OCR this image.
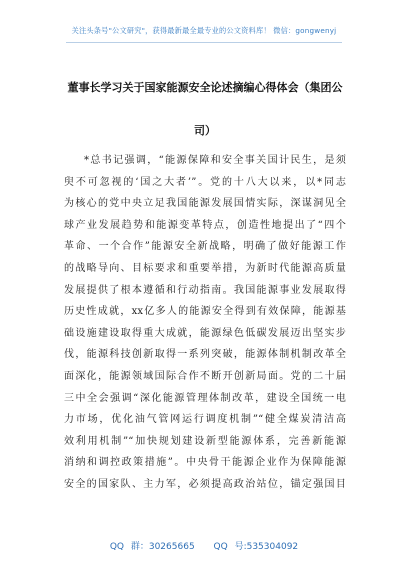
关注头条号"公文研究"，获得最新最全最专业的公文资料库！ 微信：gongwenyj
董事长学习关于国家能源安全论述摘编心得体会（集团公
司）
*总书记强调，“能源保障和安全事关国计民生，是须
臾不可忽视的‘国之大者’”。党的十八大以来，以*同志
为核心的党中央立足我国能源发展国情实际，深谋洞见全
球产业发展趋势和能源变革特点，创造性地提出了“四个
革命、一个合作”能源安全新战略，明确了做好能源工作
的战略导向、目标要求和重要举措，为新时代能源高质量
发展提供了根本遵循和行动指南。我国能源事业发展取得
历史性成就，xx亿多人的能源安全得到有效保障，能源基
础设施建设取得重大成就，能源绿色低碳发展迈出坚实步
伐，能源科技创新取得一系列突破，能源体制机制改革全
面深化，能源领域国际合作不断开创新局面。党的二十届
三中全会强调“深化能源管理体制改革，建设全国统一电
力市场，优化油气管网运行调度机制”“健全煤炭清洁高
效利用机制”“加快规划建设新型能源体系，完善新能源
消纳和调控政策措施”。中央骨干能源企业作为保障能源
安全的国家队、主力军，必须提高政治站位，锚定强国目
QQ 群：30265665 QQ 号:535304092
